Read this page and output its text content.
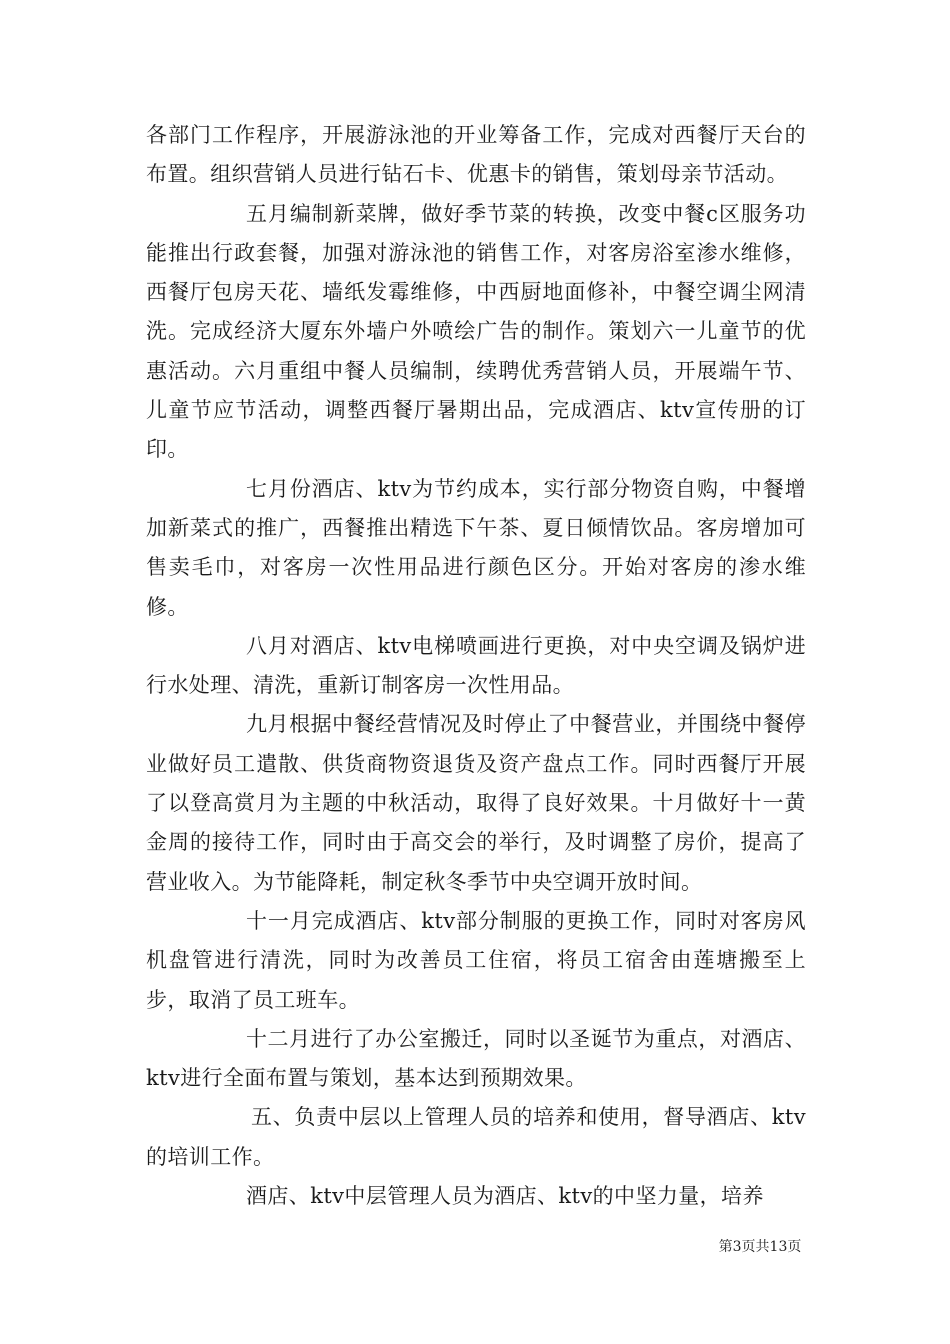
各部门工作程序，开展游泳池的开业筹备工作，完成对西餐厅天台的布置。组织营销人员进行钻石卡、优惠卡的销售，策划母亲节活动。

五月编制新菜牌，做好季节菜的转换，改变中餐c区服务功能推出行政套餐，加强对游泳池的销售工作，对客房浴室渗水维修，西餐厅包房天花、墙纸发霉维修，中西厨地面修补，中餐空调尘网清洗。完成经济大厦东外墙户外喷绘广告的制作。策划六一儿童节的优惠活动。六月重组中餐人员编制，续聘优秀营销人员，开展端午节、儿童节应节活动，调整西餐厅暑期出品，完成酒店、ktv宣传册的订印。

七月份酒店、ktv为节约成本，实行部分物资自购，中餐增加新菜式的推广，西餐推出精选下午茶、夏日倾情饮品。客房增加可售卖毛巾，对客房一次性用品进行颜色区分。开始对客房的渗水维修。

八月对酒店、ktv电梯喷画进行更换，对中央空调及锅炉进行水处理、清洗，重新订制客房一次性用品。

九月根据中餐经营情况及时停止了中餐营业，并围绕中餐停业做好员工遣散、供货商物资退货及资产盘点工作。同时西餐厅开展了以登高赏月为主题的中秋活动，取得了良好效果。十月做好十一黄金周的接待工作，同时由于高交会的举行，及时调整了房价，提高了营业收入。为节能降耗，制定秋冬季节中央空调开放时间。

十一月完成酒店、ktv部分制服的更换工作，同时对客房风机盘管进行清洗，同时为改善员工住宿，将员工宿舍由莲塘搬至上步，取消了员工班车。

十二月进行了办公室搬迁，同时以圣诞节为重点，对酒店、ktv进行全面布置与策划，基本达到预期效果。

五、负责中层以上管理人员的培养和使用，督导酒店、ktv的培训工作。

酒店、ktv中层管理人员为酒店、ktv的中坚力量，培养

第3页共13页
